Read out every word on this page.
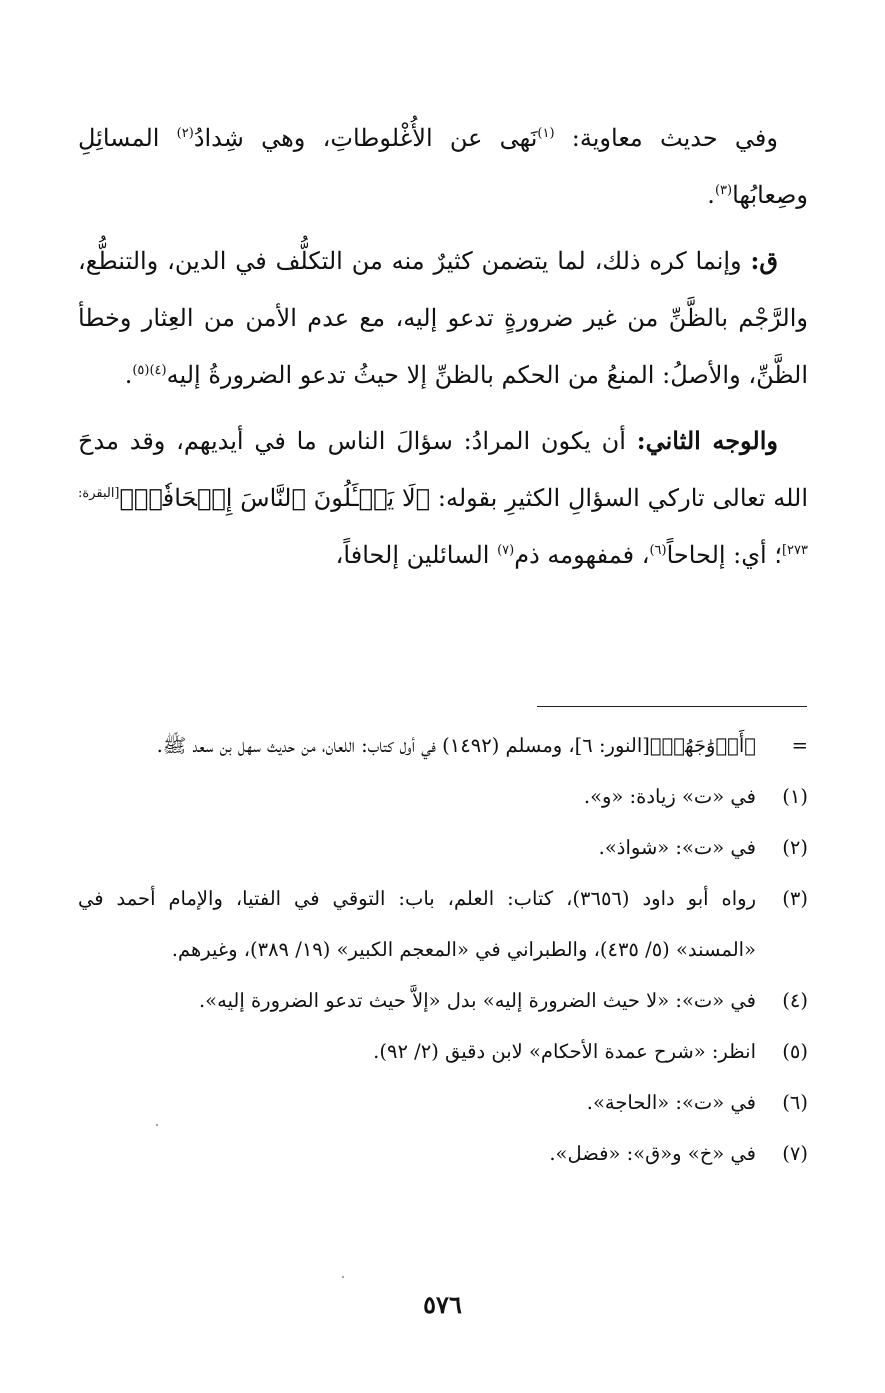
وفي حديث معاوية: $^{(١)}$نَهى عن الأُغْلوطاتِ، وهي شِدادُ$^{(٢)}$ المسائِلِ وصِعابُها$^{(٣)}$.

ق: وإنما كره ذلك، لما يتضمن كثيرٌ منه من التكلُّف في الدين، والتنطُّع، والرَّجْم بالظَّنِّ من غير ضرورةٍ تدعو إليه، مع عدم الأمن من العِثار وخطأ الظَّنِّ، والأصلُ: المنعُ من الحكم بالظنِّ إلا حيثُ تدعو الضرورةُ إليه$^{(٤)(٥)}$.

والوجه الثاني: أن يكون المرادُ: سؤالَ الناس ما في أيديهم، وقد مدحَ الله تعالى تاركي السؤالِ الكثيرِ بقوله: ﴿لَا يَسۡـَٔلُونَ ٱلنَّاسَ إِلۡحَافٗاۗ﴾[البقرة: ٢٧٣]؛ أي: إلحاحاً$^{(٦)}$، فمفهومه ذم$^{(٧)}$ السائلين إلحافاً،

=
﴿أَزۡوَٰجَهُمۡ﴾[النور: ٦]، ومسلم (١٤٩٢) في أول كتاب: اللعان، من حديث سهل بن سعد ﷺ.
(١)
في «ت» زيادة: «و».
(٢)
في «ت»: «شواذ».
(٣)
رواه أبو داود (٣٦٥٦)، كتاب: العلم، باب: التوقي في الفتيا، والإمام أحمد في «المسند» (٥/ ٤٣٥)، والطبراني في «المعجم الكبير» (١٩/ ٣٨٩)، وغيرهم.
(٤)
في «ت»: «لا حيث الضرورة إليه» بدل «إلاَّ حيث تدعو الضرورة إليه».
(٥)
انظر: «شرح عمدة الأحكام» لابن دقيق (٢/ ٩٢).
(٦)
في «ت»: «الحاجة».
(٧)
في «خ» و«ق»: «فضل».
٥٧٦
